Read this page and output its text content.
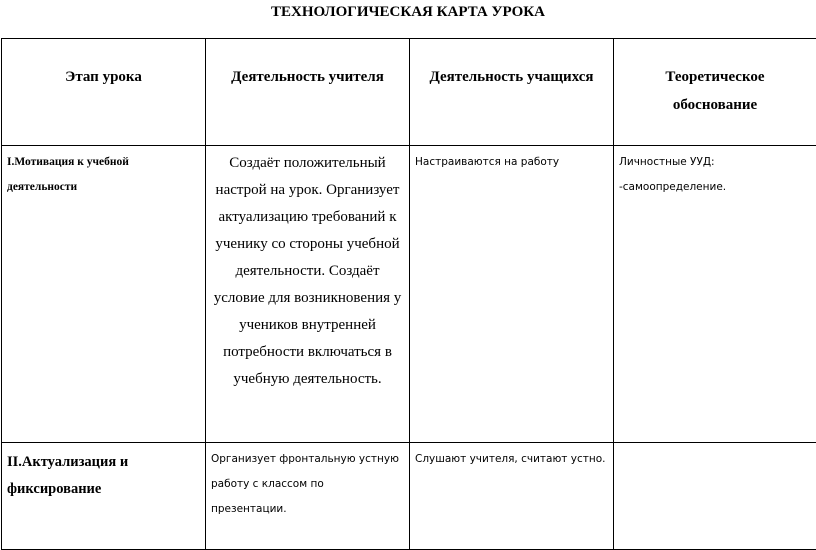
ТЕХНОЛОГИЧЕСКАЯ КАРТА УРОКА
Этап урока	Деятельность учителя	Деятельность учащихся	Теоретическое обоснование

I.Мотивация к учебной деятельности	Создаёт положительный настрой на урок. Организует актуализацию требований к ученику со стороны учебной деятельности. Создаёт условие для возникновения у учеников внутренней потребности включаться в учебную деятельность.	Настраиваются на работу	Личностные УУД:
-самоопределение.

II.Актуализация и фиксирование	Организует фронтальную устную работу с классом по презентации.	Слушают учителя, считают устно.	
